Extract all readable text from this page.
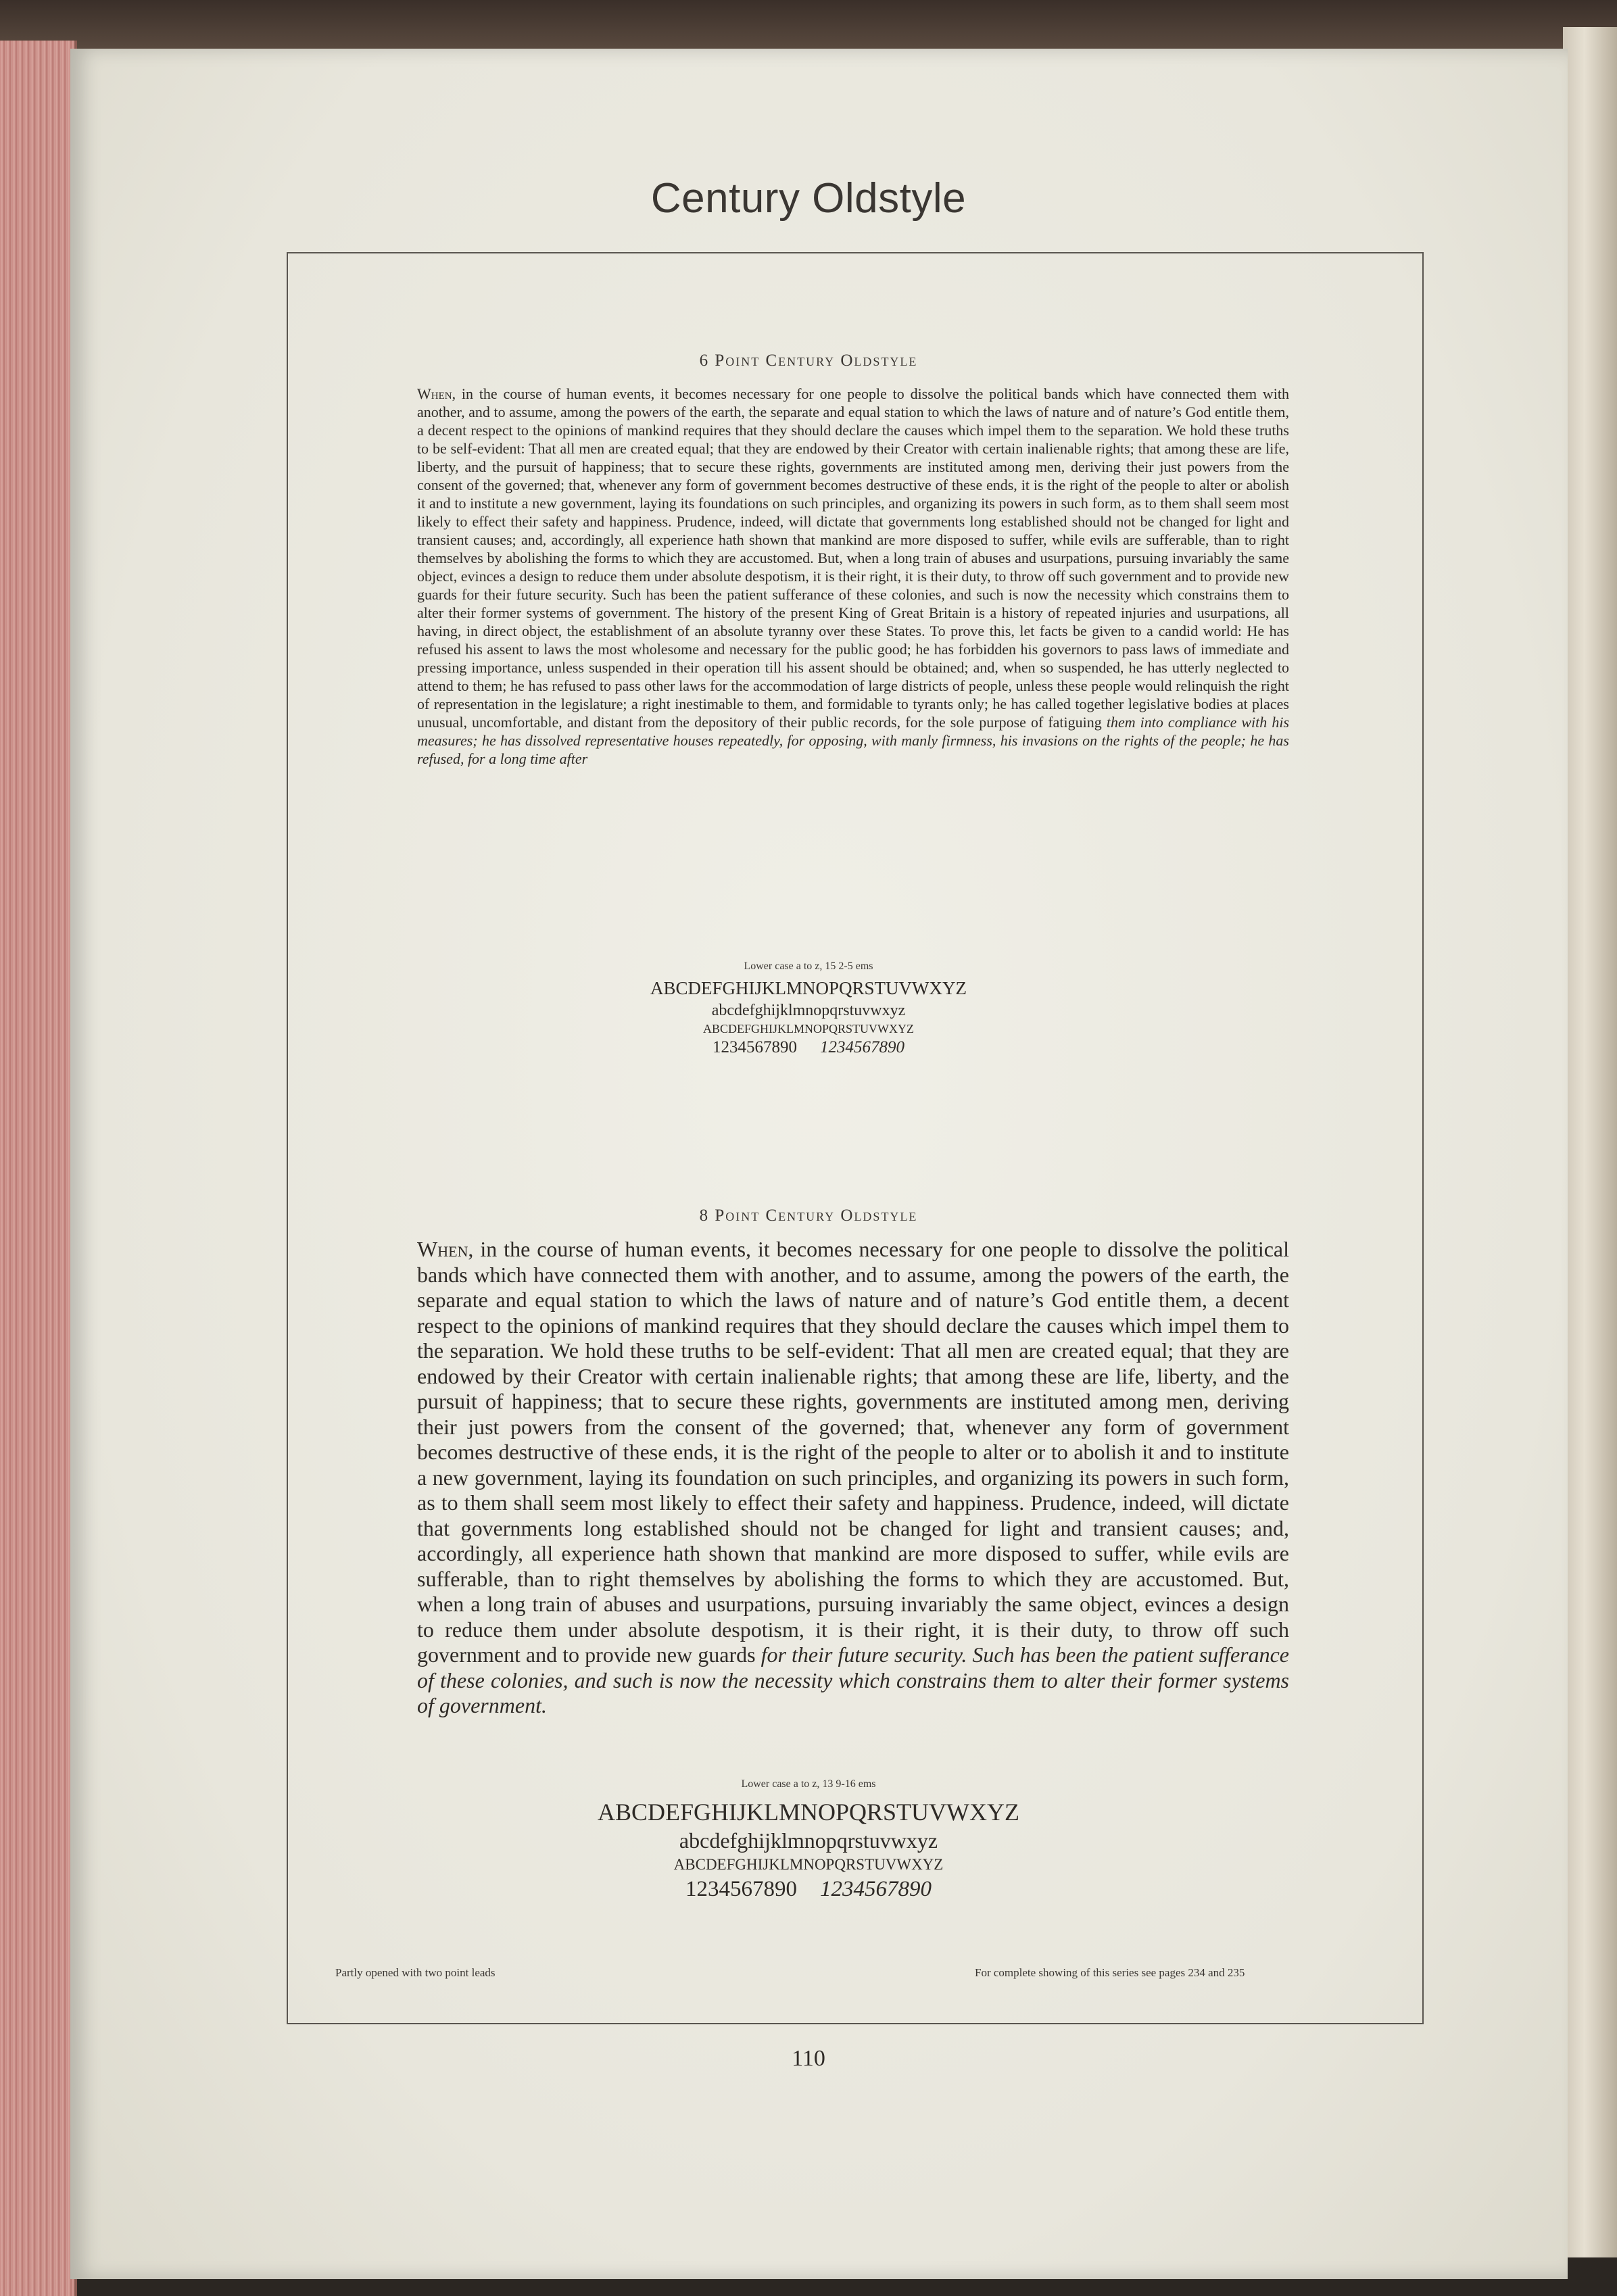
Century Oldstyle
6 Point Century Oldstyle

When, in the course of human events, it becomes necessary for one people to dissolve the political bands which have connected them with another, and to assume, among the powers of the earth, the separate and equal station to which the laws of nature and of nature’s God entitle them, a decent respect to the opinions of mankind requires that they should declare the causes which impel them to the separation. We hold these truths to be self-evident: That all men are created equal; that they are endowed by their Creator with certain inalienable rights; that among these are life, liberty, and the pursuit of happiness; that to secure these rights, governments are instituted among men, deriving their just powers from the consent of the governed; that, whenever any form of government becomes destructive of these ends, it is the right of the people to alter or abolish it and to institute a new government, laying its foundations on such principles, and organizing its powers in such form, as to them shall seem most likely to effect their safety and happiness. Prudence, indeed, will dictate that governments long established should not be changed for light and transient causes; and, accordingly, all experience hath shown that mankind are more disposed to suffer, while evils are sufferable, than to right themselves by abolishing the forms to which they are accustomed. But, when a long train of abuses and usurpations, pursuing invariably the same object, evinces a design to reduce them under absolute despotism, it is their right, it is their duty, to throw off such government and to provide new guards for their future security. Such has been the patient sufferance of these colonies, and such is now the necessity which constrains them to alter their former systems of government. The history of the present King of Great Britain is a history of repeated injuries and usurpations, all having, in direct object, the establishment of an absolute tyranny over these States. To prove this, let facts be given to a candid world: He has refused his assent to laws the most wholesome and necessary for the public good; he has forbidden his governors to pass laws of immediate and pressing importance, unless suspended in their operation till his assent should be obtained; and, when so suspended, he has utterly neglected to attend to them; he has refused to pass other laws for the accommodation of large districts of people, unless these people would relinquish the right of representation in the legislature; a right inestimable to them, and formidable to tyrants only; he has called together legislative bodies at places unusual, uncomfortable, and distant from the depository of their public records, for the sole purpose of fatiguing them into compliance with his measures; he has dissolved representative houses repeatedly, for opposing, with manly firmness, his invasions on the rights of the people; he has refused, for a long time after

Lower case a to z, 15 2-5 ems
ABCDEFGHIJKLMNOPQRSTUVWXYZ
abcdefghijklmnopqrstuvwxyz
ABCDEFGHIJKLMNOPQRSTUVWXYZ
1234567890 1234567890
8 Point Century Oldstyle

When, in the course of human events, it becomes necessary for one people to dissolve the political bands which have connected them with another, and to assume, among the powers of the earth, the separate and equal station to which the laws of nature and of nature’s God entitle them, a decent respect to the opinions of mankind requires that they should declare the causes which impel them to the separation. We hold these truths to be self-evident: That all men are created equal; that they are endowed by their Creator with certain inalienable rights; that among these are life, liberty, and the pursuit of happiness; that to secure these rights, governments are instituted among men, deriving their just powers from the consent of the governed; that, whenever any form of government becomes destructive of these ends, it is the right of the people to alter or to abolish it and to institute a new government, laying its foundation on such principles, and organizing its powers in such form, as to them shall seem most likely to effect their safety and happiness. Prudence, indeed, will dictate that governments long established should not be changed for light and transient causes; and, accordingly, all experience hath shown that mankind are more disposed to suffer, while evils are sufferable, than to right themselves by abolishing the forms to which they are accustomed. But, when a long train of abuses and usurpations, pursuing invariably the same object, evinces a design to reduce them under absolute despotism, it is their right, it is their duty, to throw off such government and to provide new guards for their future security. Such has been the patient sufferance of these colonies, and such is now the necessity which constrains them to alter their former systems of government.

Lower case a to z, 13 9-16 ems
ABCDEFGHIJKLMNOPQRSTUVWXYZ
abcdefghijklmnopqrstuvwxyz
ABCDEFGHIJKLMNOPQRSTUVWXYZ
1234567890 1234567890
Partly opened with two point leads	For complete showing of this series see pages 234 and 235
110
